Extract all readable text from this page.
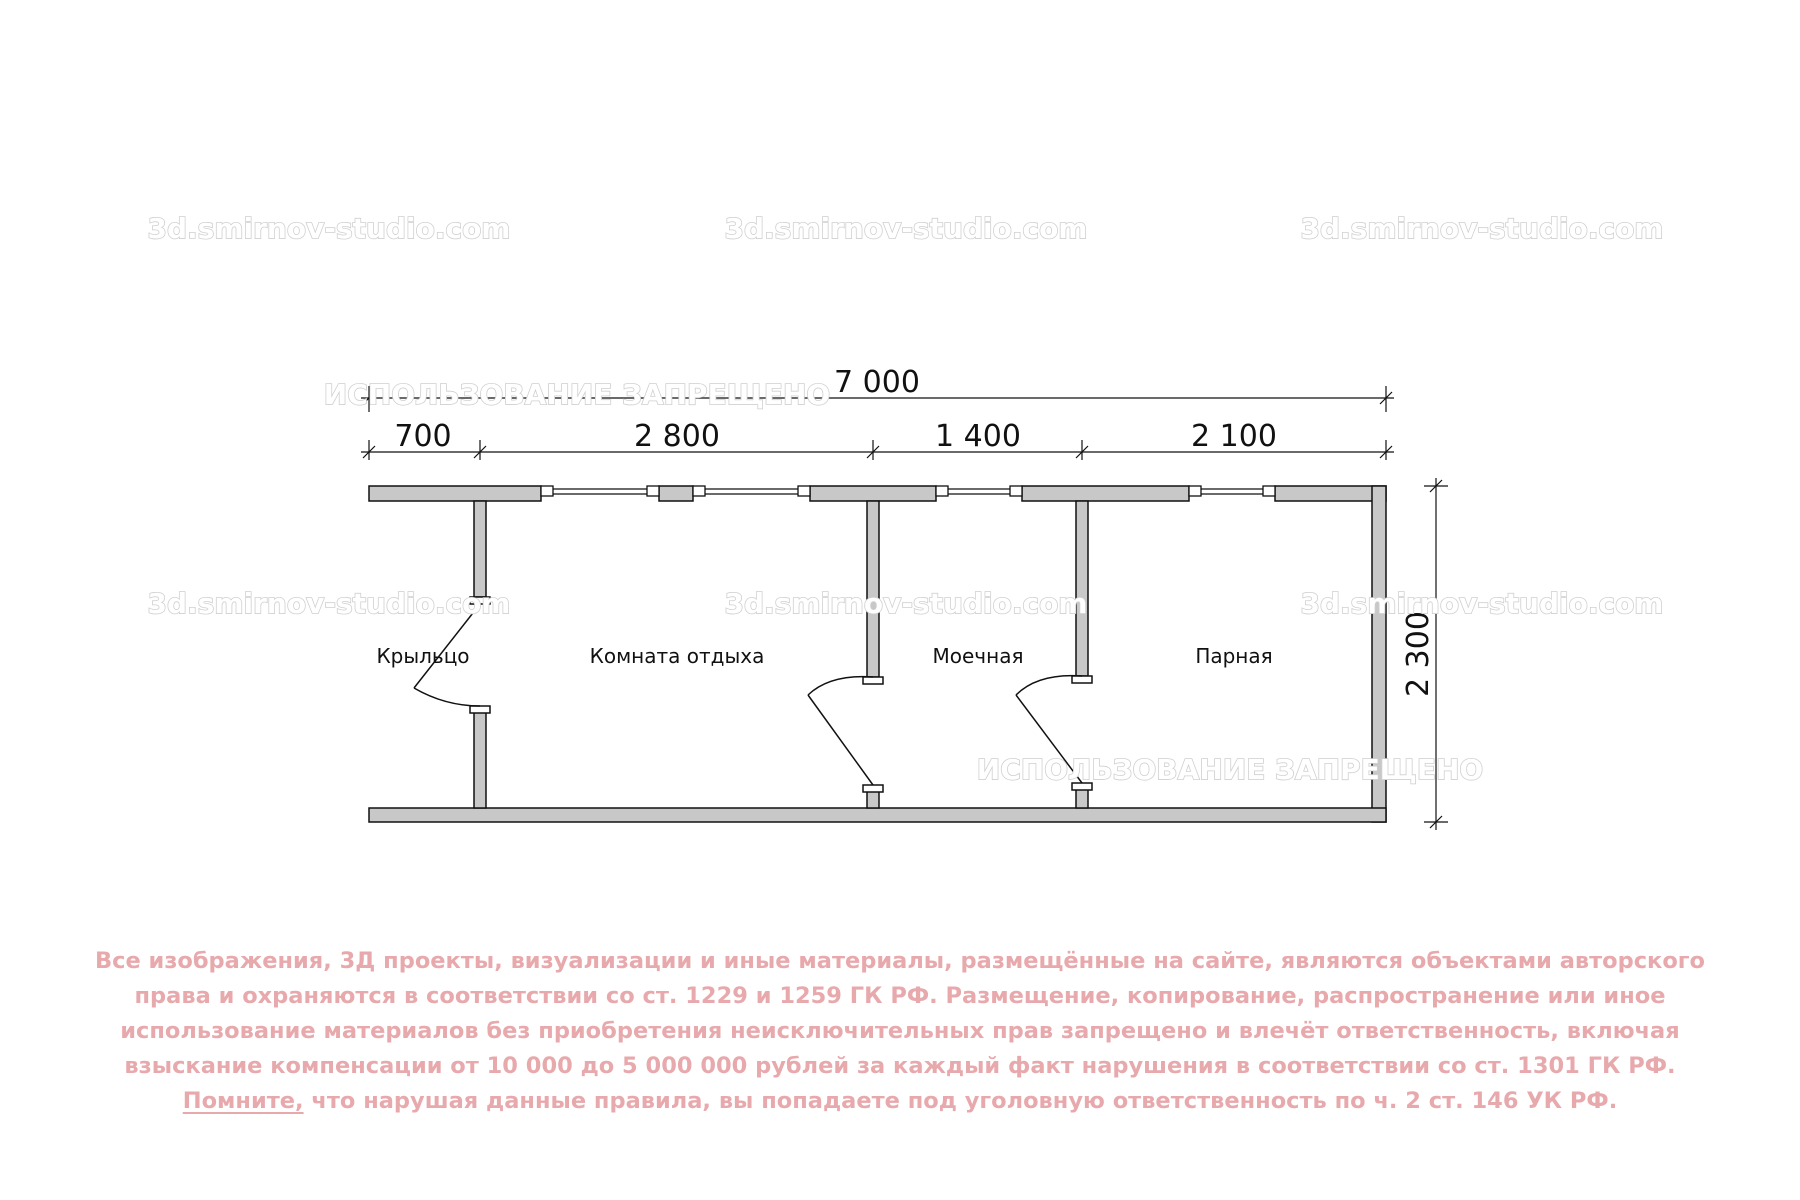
7 000
700	2 800	1 400	2 100
2 300
Крыльцо	Комната отдыха	Моечная	Парная
3d.smirnov-studio.com	3d.smirnov-studio.com	3d.smirnov-studio.com
3d.smirnov-studio.com	3d.smirnov-studio.com	3d.smirnov-studio.com
ИСПОЛЬЗОВАНИЕ ЗАПРЕЩЕНО
ИСПОЛЬЗОВАНИЕ ЗАПРЕЩЕНО
Все изображения, 3Д проекты, визуализации и иные материалы, размещённые на сайте, являются объектами авторского
права и охраняются в соответствии со ст. 1229 и 1259 ГК РФ. Размещение, копирование, распространение или иное
использование материалов без приобретения неисключительных прав запрещено и влечёт ответственность, включая
взыскание компенсации от 10 000 до 5 000 000 рублей за каждый факт нарушения в соответствии со ст. 1301 ГК РФ.
Помните, что нарушая данные правила, вы попадаете под уголовную ответственность по ч. 2 ст. 146 УК РФ.
